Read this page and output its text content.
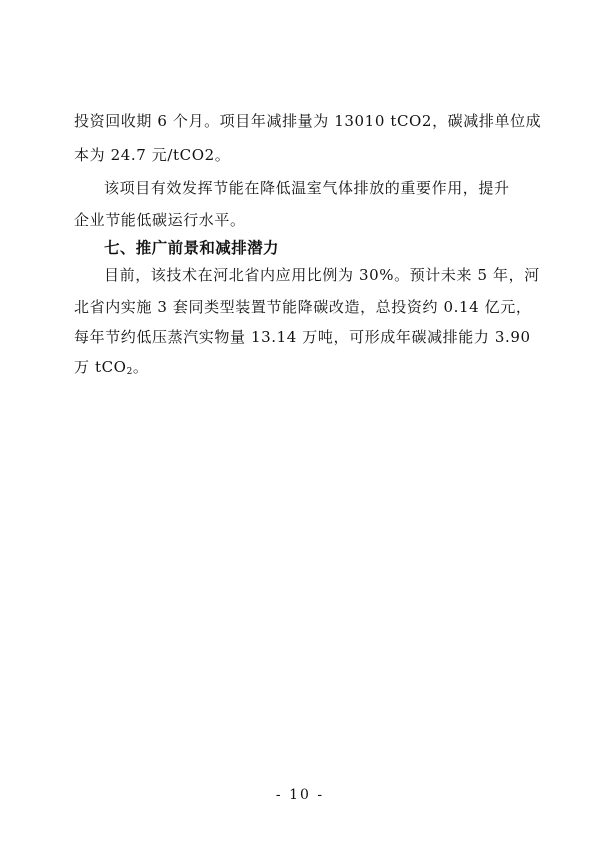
投资回收期 6 个月。项目年减排量为 13010 tCO2，碳减排单位成
本为 24.7 元/tCO2。
该项目有效发挥节能在降低温室气体排放的重要作用，提升
企业节能低碳运行水平。
七、推广前景和减排潜力
目前，该技术在河北省内应用比例为 30%。预计未来 5 年，河
北省内实施 3 套同类型装置节能降碳改造，总投资约 0.14 亿元，
每年节约低压蒸汽实物量 13.14 万吨，可形成年碳减排能力 3.90
万 tCO$_2$。
- 10 -
